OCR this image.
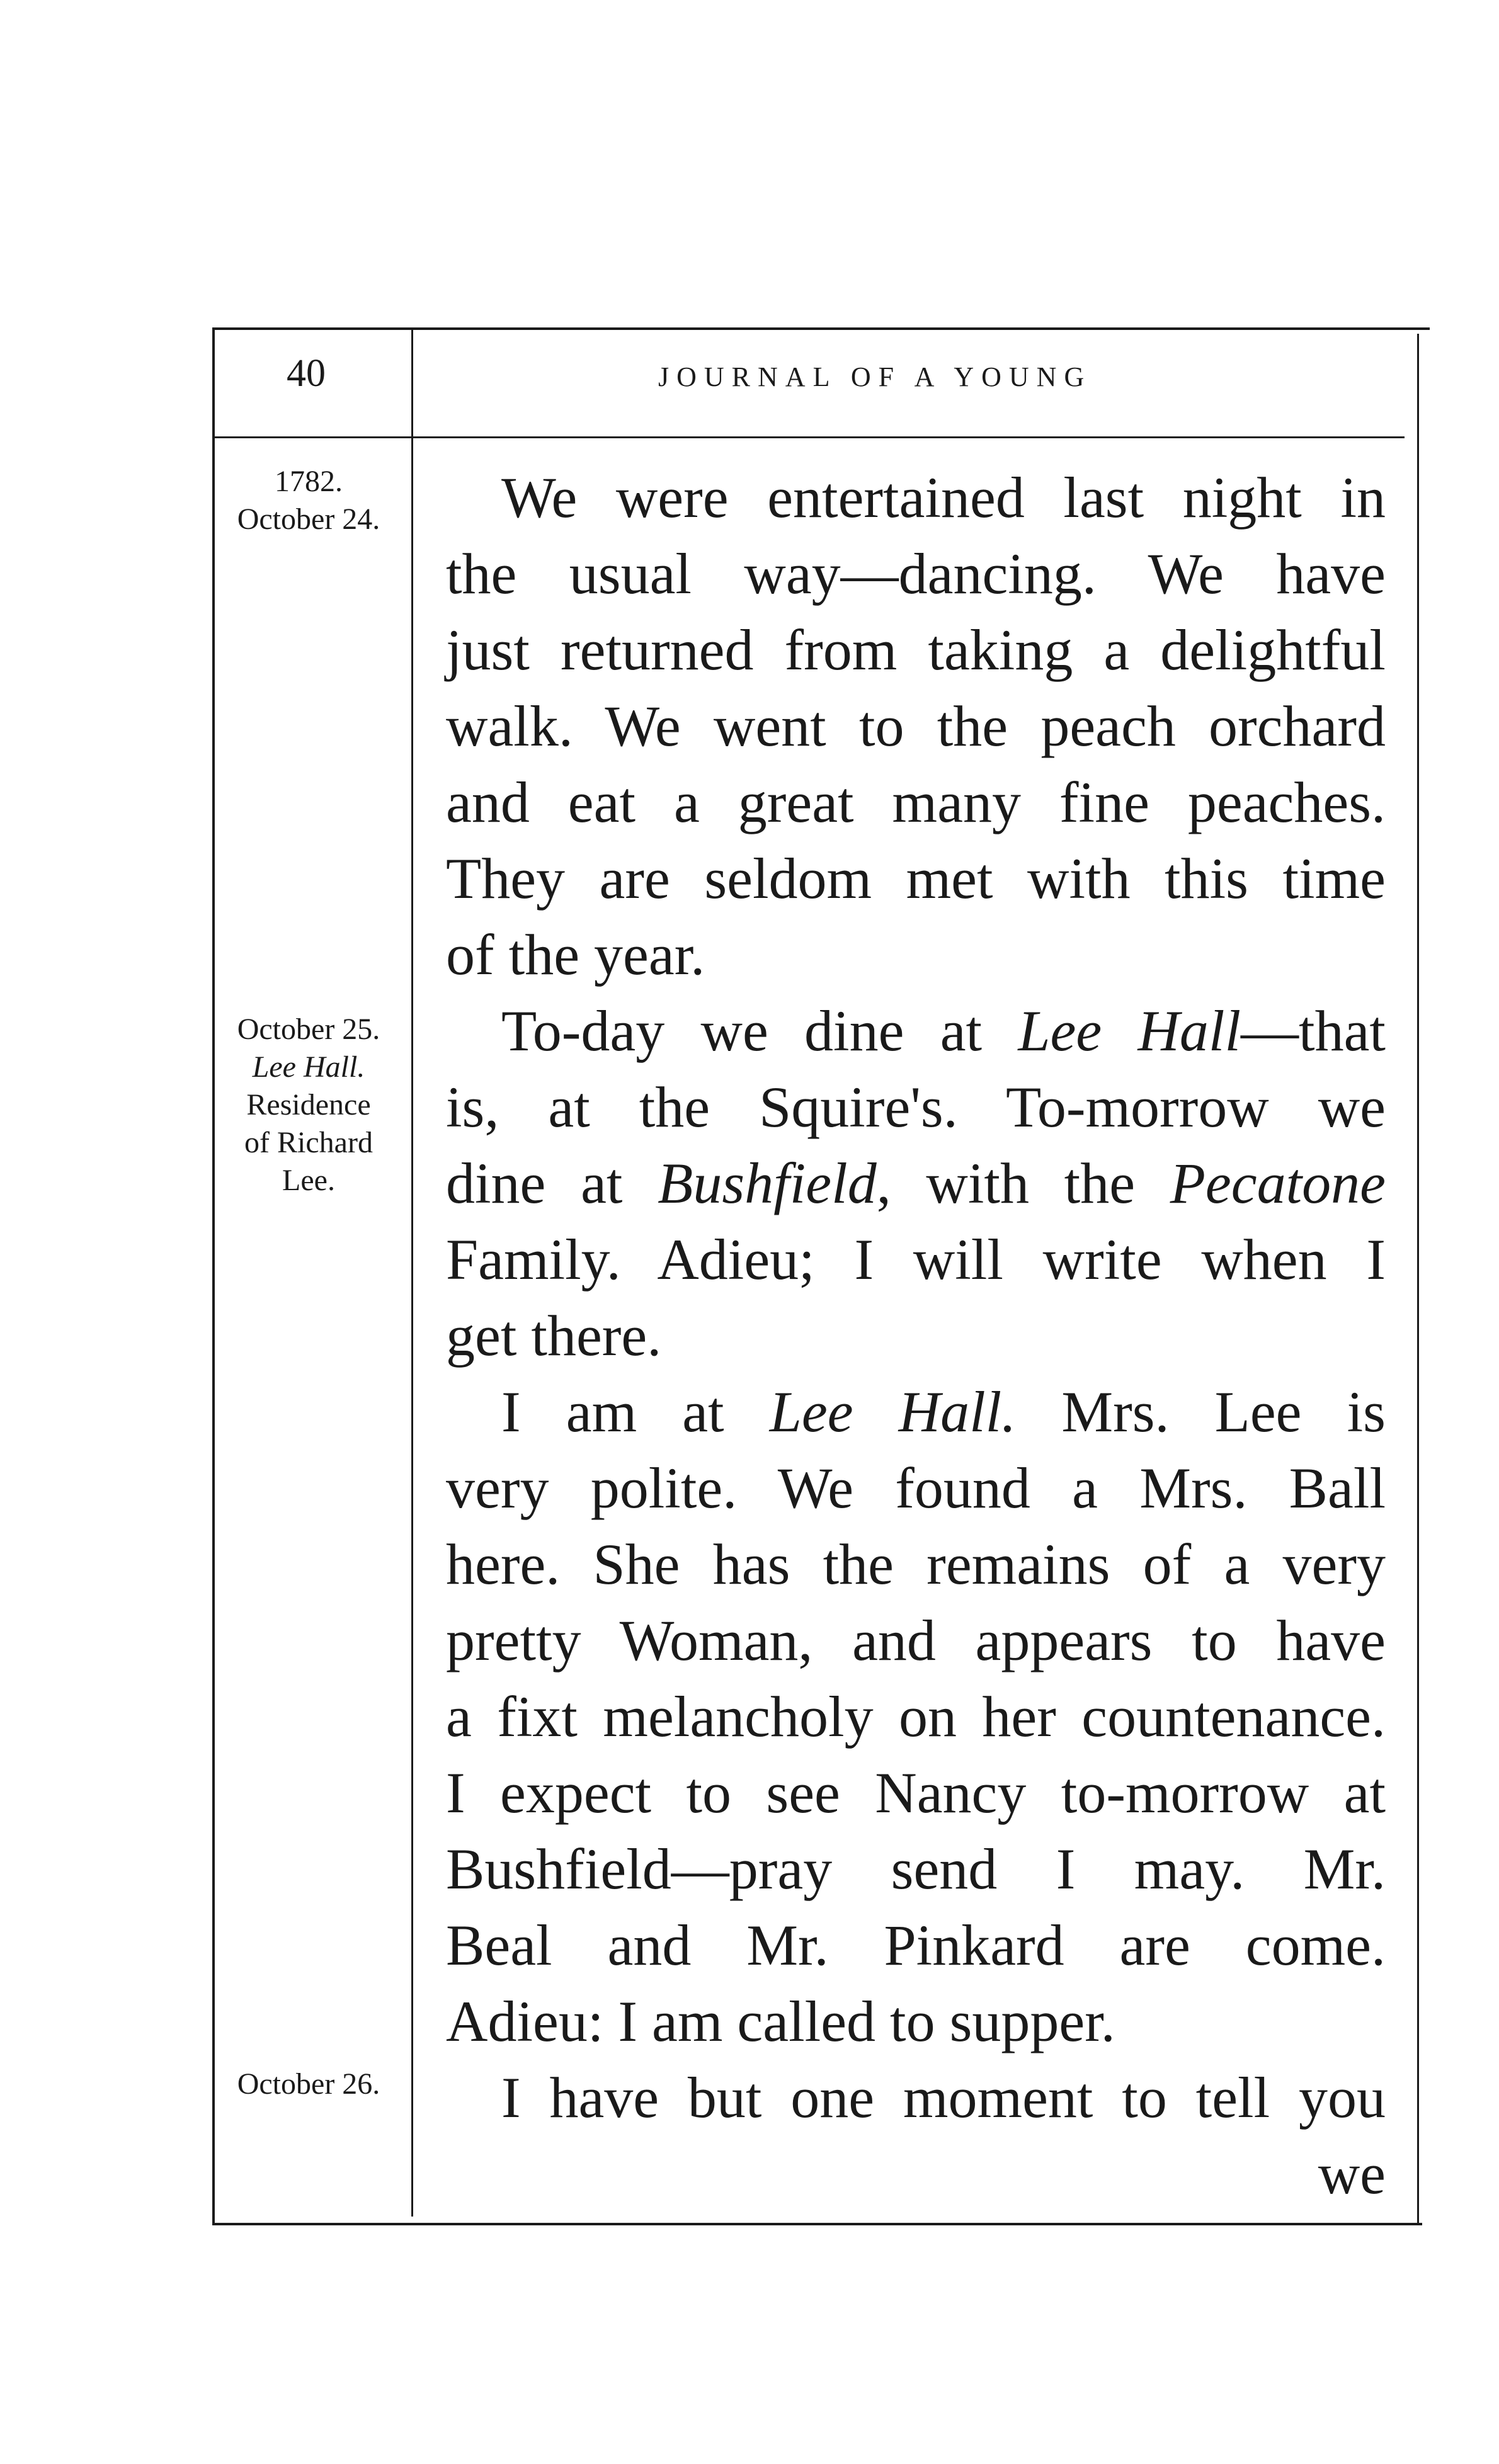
40	JOURNAL OF A YOUNG
1782.
October 24.
October 25.
Lee Hall.
Residence
of Richard
Lee.
October 26.
We were entertained last night in
the usual way—dancing. We have
just returned from taking a delightful
walk. We went to the peach orchard
and eat a great many fine peaches.
They are seldom met with this time
of the year.
To-day we dine at Lee Hall—that
is, at the Squire's. To-morrow we
dine at Bushfield, with the Pecatone
Family. Adieu; I will write when I
get there.
I am at Lee Hall. Mrs. Lee is
very polite. We found a Mrs. Ball
here. She has the remains of a very
pretty Woman, and appears to have
a fixt melancholy on her countenance.
I expect to see Nancy to-morrow at
Bushfield—pray send I may. Mr.
Beal and Mr. Pinkard are come.
Adieu: I am called to supper.
I have but one moment to tell you
we
